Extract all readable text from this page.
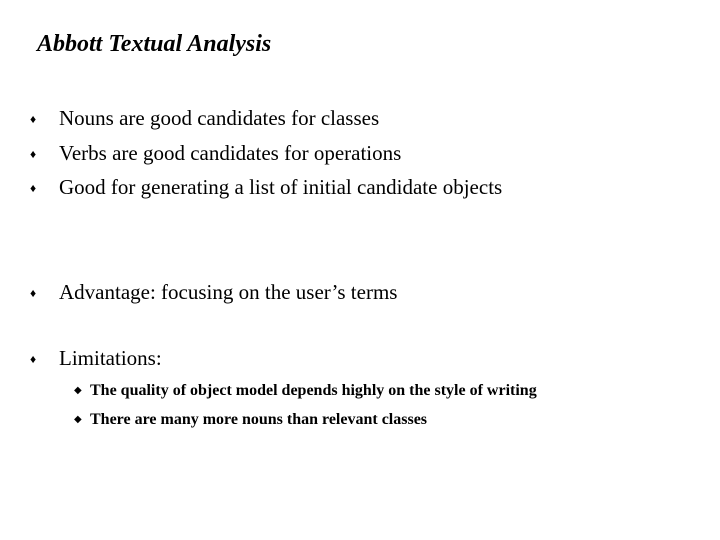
Abbott Textual Analysis
♦	Nouns are good candidates for classes
♦	Verbs are good candidates for operations
♦	Good for generating a list of initial candidate objects
♦	Advantage: focusing on the user’s terms
♦	Limitations:
◆ The quality of object model depends highly on the style of writing
◆ There are many more nouns than relevant classes
